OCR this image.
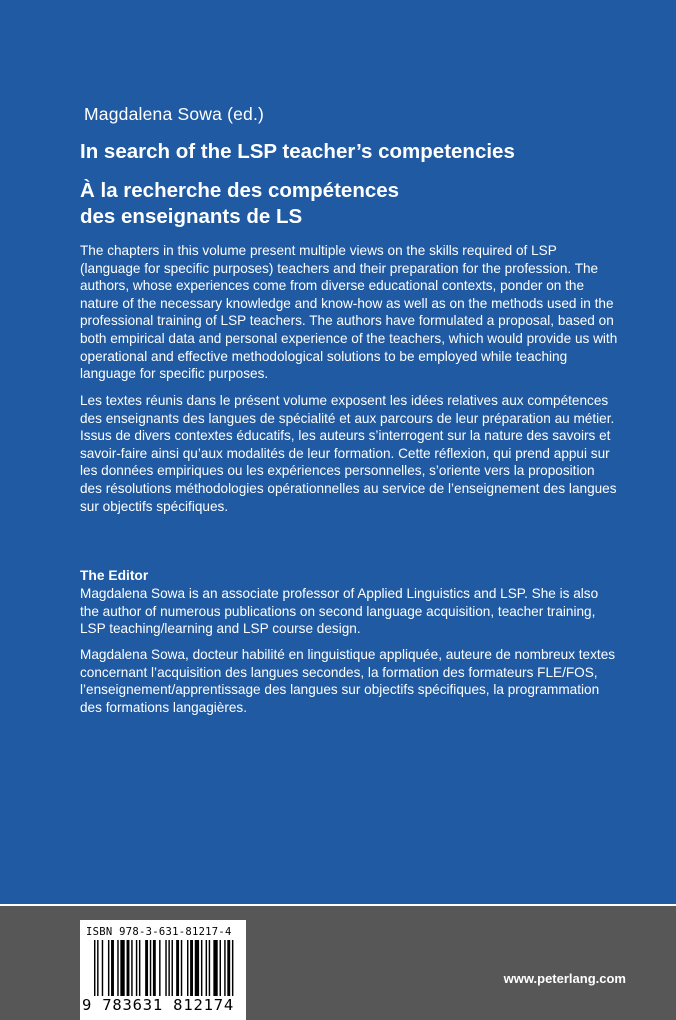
Magdalena Sowa (ed.)
In search of the LSP teacher’s competencies
À la recherche des compétences
des enseignants de LS

The chapters in this volume present multiple views on the skills required of LSP (language for specific purposes) teachers and their preparation for the profession. The authors, whose experiences come from diverse educational contexts, ponder on the nature of the necessary knowledge and know-how as well as on the methods used in the professional training of LSP teachers. The authors have formulated a proposal, based on both empirical data and personal experience of the teachers, which would provide us with operational and effective methodological solutions to be employed while teaching language for specific purposes.

Les textes réunis dans le présent volume exposent les idées relatives aux compétences des enseignants des langues de spécialité et aux parcours de leur préparation au métier. Issus de divers contextes éducatifs, les auteurs s’interrogent sur la nature des savoirs et savoir-faire ainsi qu’aux modalités de leur formation. Cette réflexion, qui prend appui sur les données empiriques ou les expériences personnelles, s’oriente vers la proposition des résolutions méthodologies opérationnelles au service de l’enseignement des langues sur objectifs spécifiques.

The Editor

Magdalena Sowa is an associate professor of Applied Linguistics and LSP. She is also the author of numerous publications on second language acquisition, teacher training, LSP teaching/learning and LSP course design.

Magdalena Sowa, docteur habilité en linguistique appliquée, auteure de nombreux textes concernant l’acquisition des langues secondes, la formation des formateurs FLE/FOS, l’enseignement/apprentissage des langues sur objectifs spécifiques, la programmation des formations langagières.

ISBN 978-3-631-81217-4
9 783631 812174
www.peterlang.com
